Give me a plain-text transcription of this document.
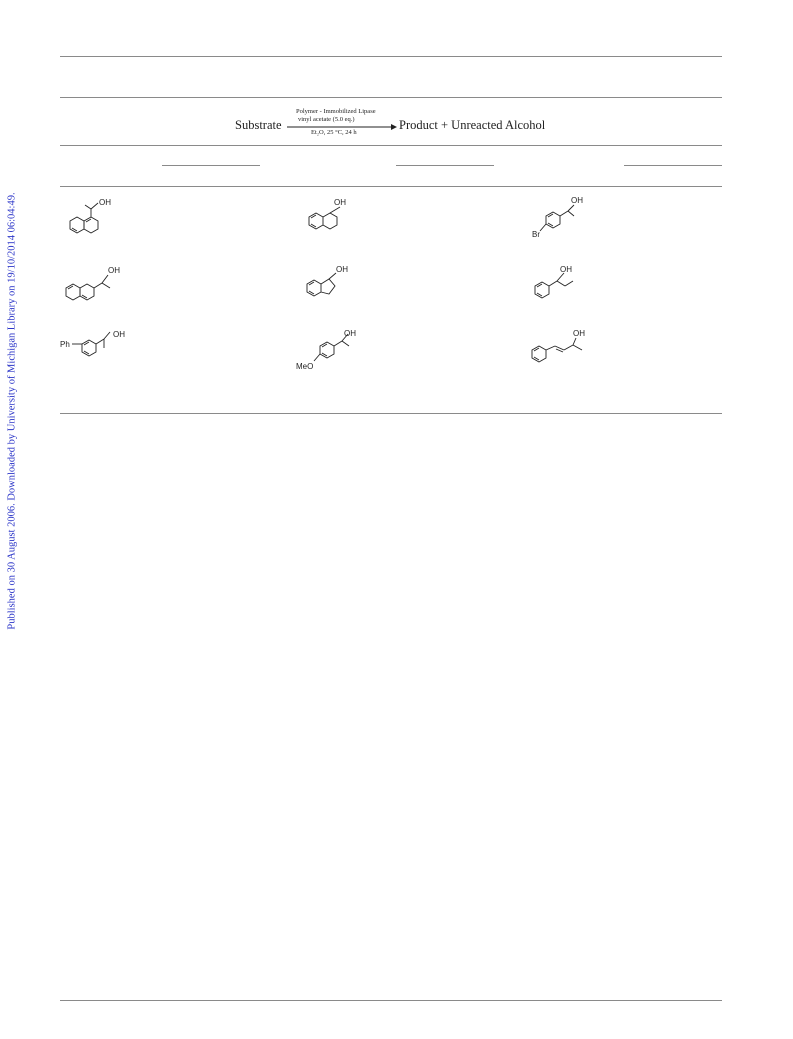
Published on 30 August 2006. Downloaded by University of Michigan Library on 19/10/2014 06:04:49.
Substrate
Polymer - Immobilized Lipase
vinyl acetate (5.0 eq.)
Et₂O, 25 °C, 24 h
Product + Unreacted Alcohol
OH	OH	OH
Br
OH	OH	OH
Ph
OH	OH
MeO
OH
